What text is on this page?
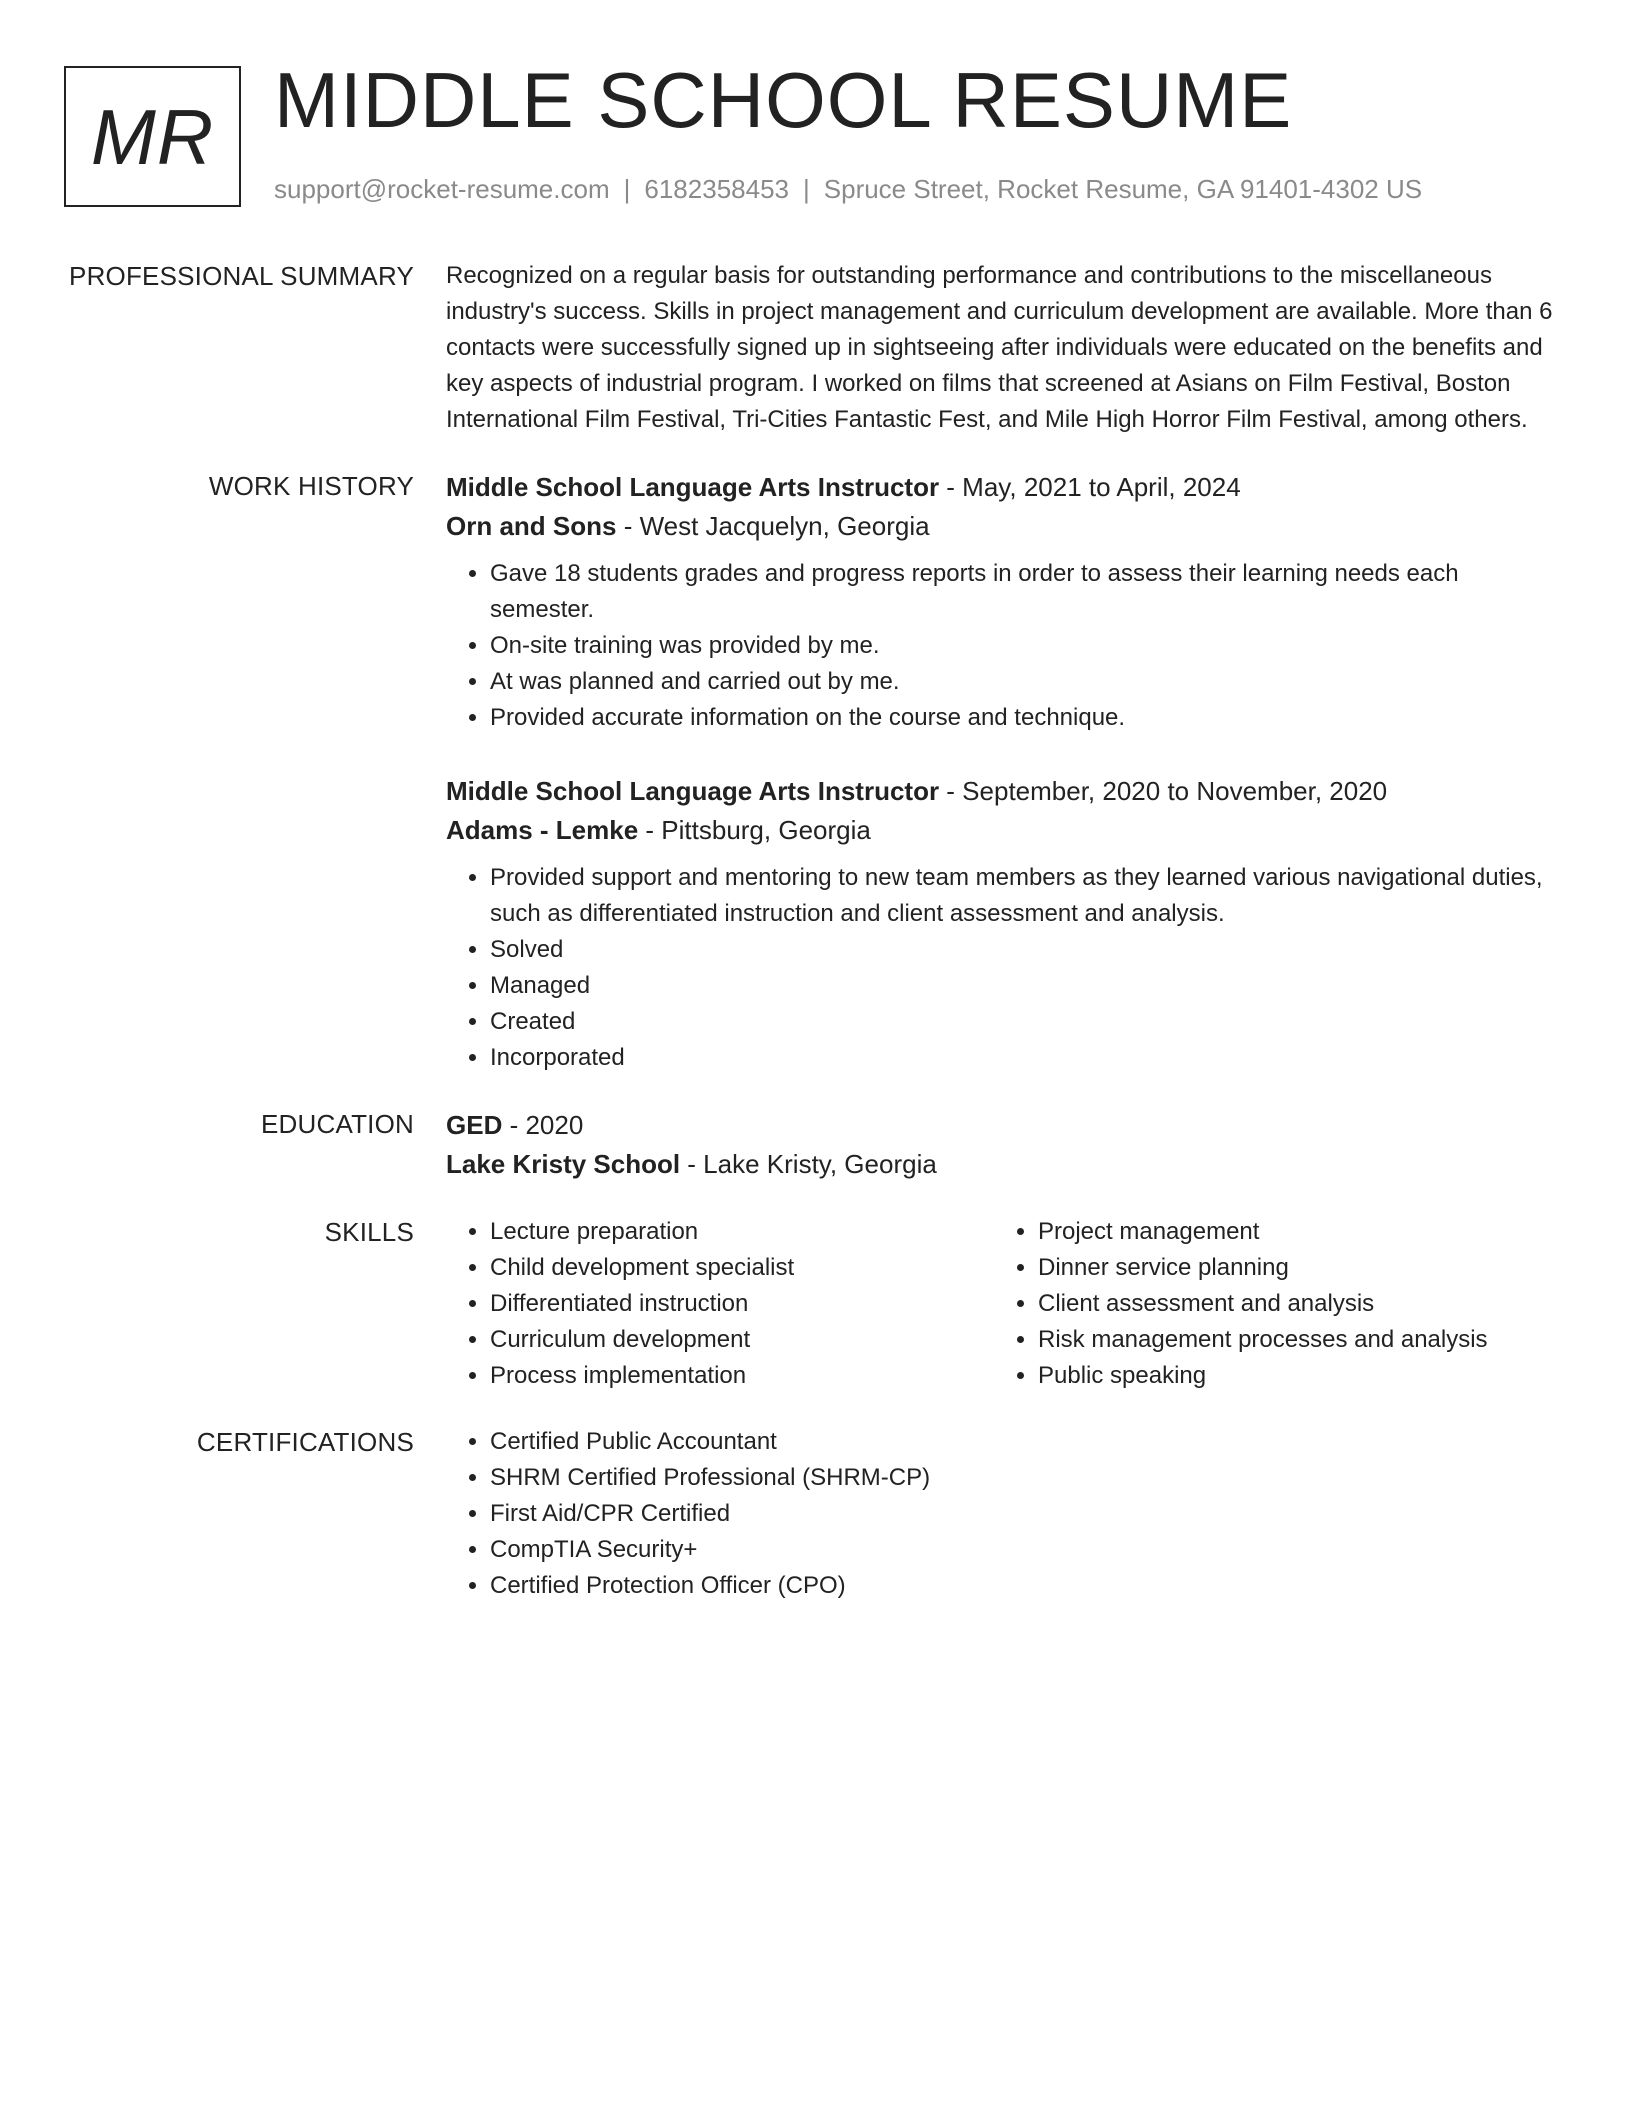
MR MIDDLE SCHOOL RESUME
support@rocket-resume.com | 6182358453 | Spruce Street, Rocket Resume, GA 91401-4302 US
PROFESSIONAL SUMMARY Recognized on a regular basis for outstanding performance and contributions to the miscellaneous industry's success. Skills in project management and curriculum development are available. More than 6 contacts were successfully signed up in sightseeing after individuals were educated on the benefits and key aspects of industrial program. I worked on films that screened at Asians on Film Festival, Boston International Film Festival, Tri-Cities Fantastic Fest, and Mile High Horror Film Festival, among others.

WORK HISTORY Middle School Language Arts Instructor - May, 2021 to April, 2024
Orn and Sons - West Jacquelyn, Georgia
• Gave 18 students grades and progress reports in order to assess their learning needs each semester.
• On-site training was provided by me.
• At was planned and carried out by me.
• Provided accurate information on the course and technique.
Middle School Language Arts Instructor - September, 2020 to November, 2020
Adams - Lemke - Pittsburg, Georgia
• Provided support and mentoring to new team members as they learned various navigational duties, such as differentiated instruction and client assessment and analysis.
• Solved
• Managed
• Created
• Incorporated
EDUCATION GED - 2020
Lake Kristy School - Lake Kristy, Georgia
SKILLS	• Lecture preparation
• Child development specialist
• Differentiated instruction
• Curriculum development
• Process implementation
• Project management
• Dinner service planning
• Client assessment and analysis
• Risk management processes and analysis
• Public speaking
CERTIFICATIONS	• Certified Public Accountant
• SHRM Certified Professional (SHRM-CP)
• First Aid/CPR Certified
• CompTIA Security+
• Certified Protection Officer (CPO)
